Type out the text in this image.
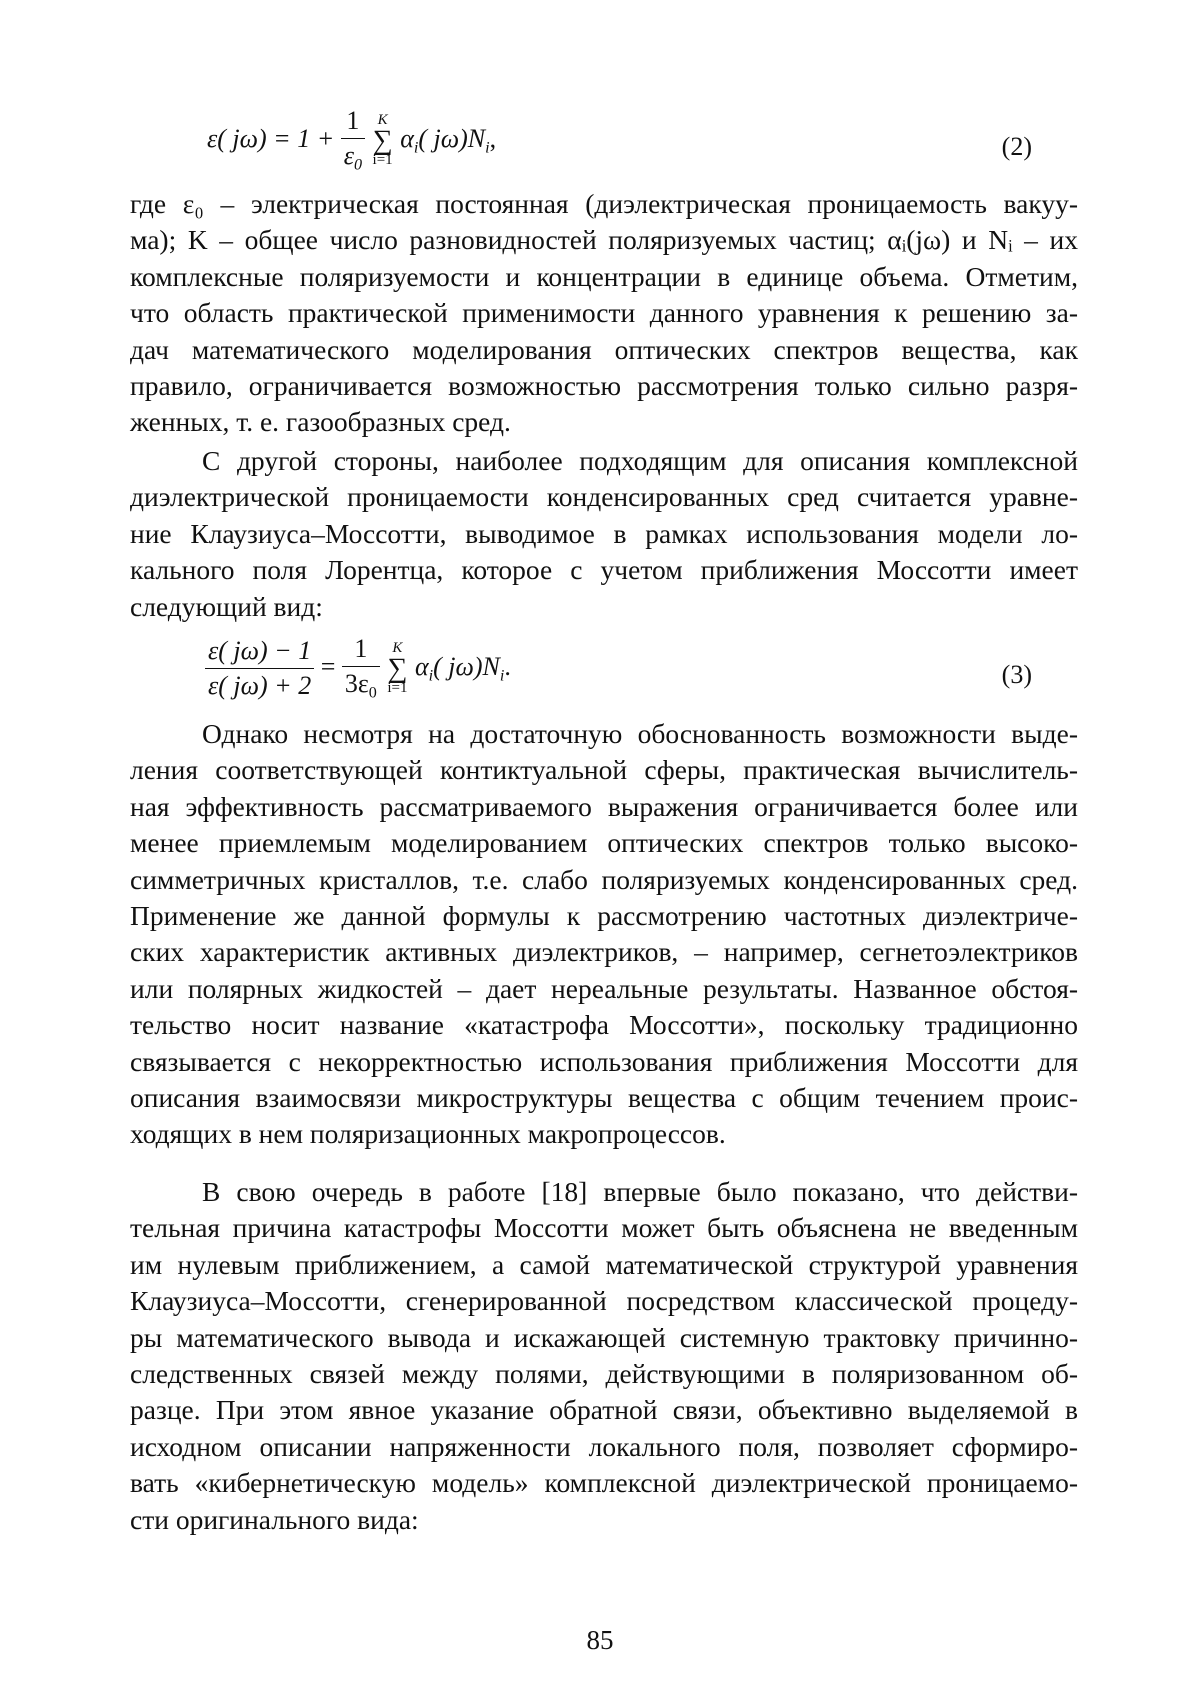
ε( $j\omega) = 1 + \frac{1}{\varepsilon_0}$
K
∑
i=1
$\alpha_i$( $j\omega)N_i$,	(2)
где ε₀ – электрическая постоянная (диэлектрическая проницаемость вакуу-
ма); K – общее число разновидностей поляризуемых частиц; αᵢ(jω) и Nᵢ – их
комплексные поляризуемости и концентрации в единице объема. Отметим,
что область практической применимости данного уравнения к решению за-
дач математического моделирования оптических спектров вещества, как
правило, ограничивается возможностью рассмотрения только сильно разря-
женных, т. е. газообразных сред.
С другой стороны, наиболее подходящим для описания комплексной
диэлектрической проницаемости конденсированных сред считается уравне-
ние Клаузиуса–Моссотти, выводимое в рамках использования модели ло-
кального поля Лорентца, которое с учетом приближения Моссотти имеет
следующий вид:
$\frac{\varepsilon( j\omega) - 1}{\varepsilon( j\omega) + 2} = \frac{1}{3\varepsilon_0}$
K
∑
i=1
$\alpha_i$( $j\omega)N_i$.	(3)
Однако несмотря на достаточную обоснованность возможности выде-
ления соответствующей контиктуальной сферы, практическая вычислитель-
ная эффективность рассматриваемого выражения ограничивается более или
менее приемлемым моделированием оптических спектров только высоко-
симметричных кристаллов, т.е. слабо поляризуемых конденсированных сред.
Применение же данной формулы к рассмотрению частотных диэлектриче-
ских характеристик активных диэлектриков, – например, сегнетоэлектриков
или полярных жидкостей – дает нереальные результаты. Названное обстоя-
тельство носит название «катастрофа Моссотти», поскольку традиционно
связывается с некорректностью использования приближения Моссотти для
описания взаимосвязи микроструктуры вещества с общим течением проис-
ходящих в нем поляризационных макропроцессов.
В свою очередь в работе [18] впервые было показано, что действи-
тельная причина катастрофы Моссотти может быть объяснена не введенным
им нулевым приближением, а самой математической структурой уравнения
Клаузиуса–Моссотти, сгенерированной посредством классической процеду-
ры математического вывода и искажающей системную трактовку причинно-
следственных связей между полями, действующими в поляризованном об-
разце. При этом явное указание обратной связи, объективно выделяемой в
исходном описании напряженности локального поля, позволяет сформиро-
вать «кибернетическую модель» комплексной диэлектрической проницаемо-
сти оригинального вида:
85
